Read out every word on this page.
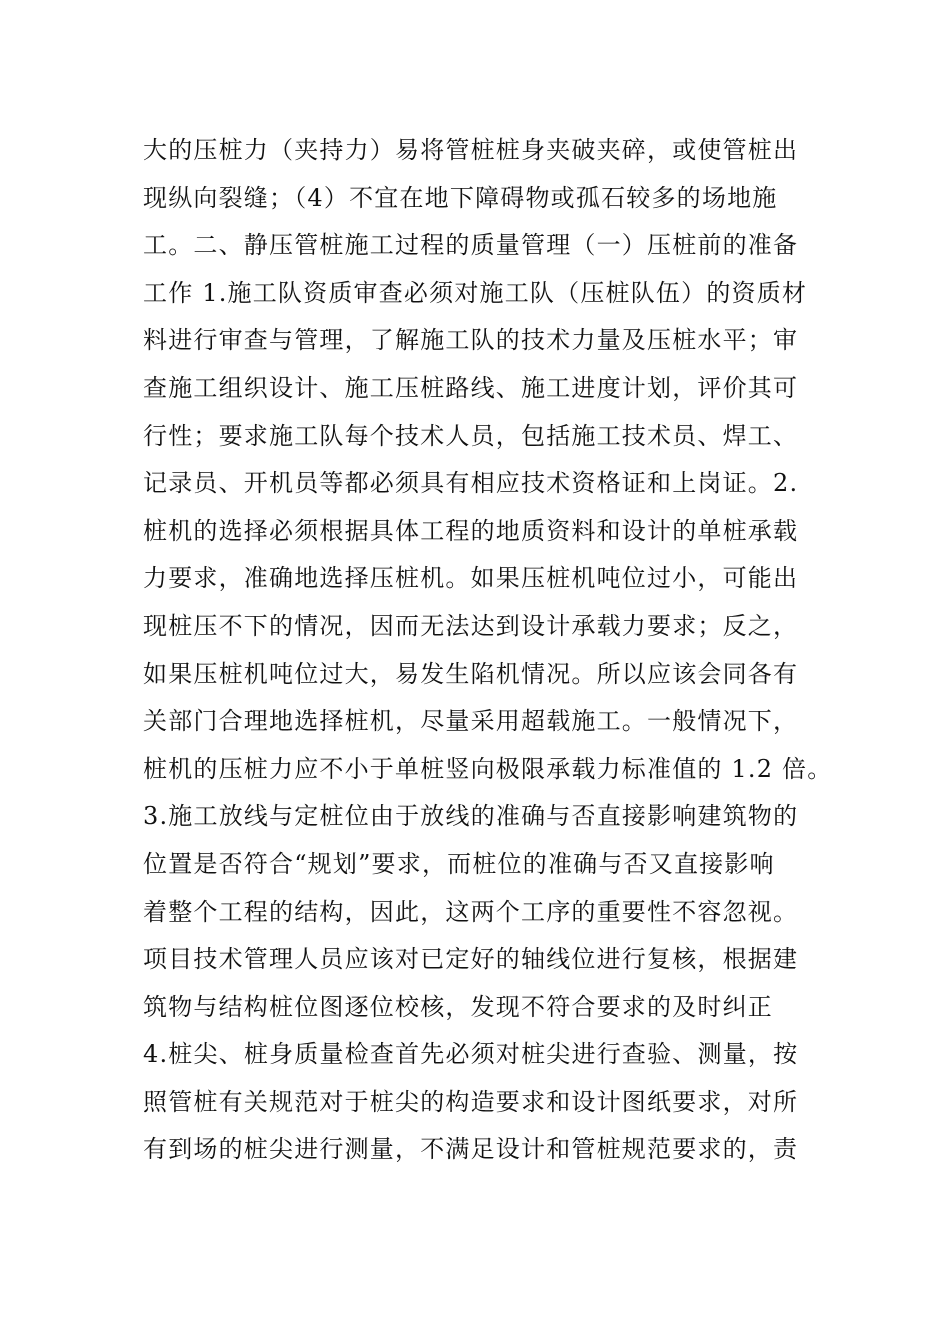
大的压桩力（夹持力）易将管桩桩身夹破夹碎，或使管桩出
现纵向裂缝；（4）不宜在地下障碍物或孤石较多的场地施
工。二、静压管桩施工过程的质量管理（一）压桩前的准备
工作 1.施工队资质审查必须对施工队（压桩队伍）的资质材
料进行审查与管理，了解施工队的技术力量及压桩水平；审
查施工组织设计、施工压桩路线、施工进度计划，评价其可
行性；要求施工队每个技术人员，包括施工技术员、焊工、
记录员、开机员等都必须具有相应技术资格证和上岗证。2.
桩机的选择必须根据具体工程的地质资料和设计的单桩承载
力要求，准确地选择压桩机。如果压桩机吨位过小，可能出
现桩压不下的情况，因而无法达到设计承载力要求；反之，
如果压桩机吨位过大，易发生陷机情况。所以应该会同各有
关部门合理地选择桩机，尽量采用超载施工。一般情况下，
桩机的压桩力应不小于单桩竖向极限承载力标准值的 1.2 倍。
3.施工放线与定桩位由于放线的准确与否直接影响建筑物的
位置是否符合“规划”要求，而桩位的准确与否又直接影响
着整个工程的结构，因此，这两个工序的重要性不容忽视。
项目技术管理人员应该对已定好的轴线位进行复核，根据建
筑物与结构桩位图逐位校核，发现不符合要求的及时纠正
4.桩尖、桩身质量检查首先必须对桩尖进行查验、测量，按
照管桩有关规范对于桩尖的构造要求和设计图纸要求，对所
有到场的桩尖进行测量，不满足设计和管桩规范要求的，责
